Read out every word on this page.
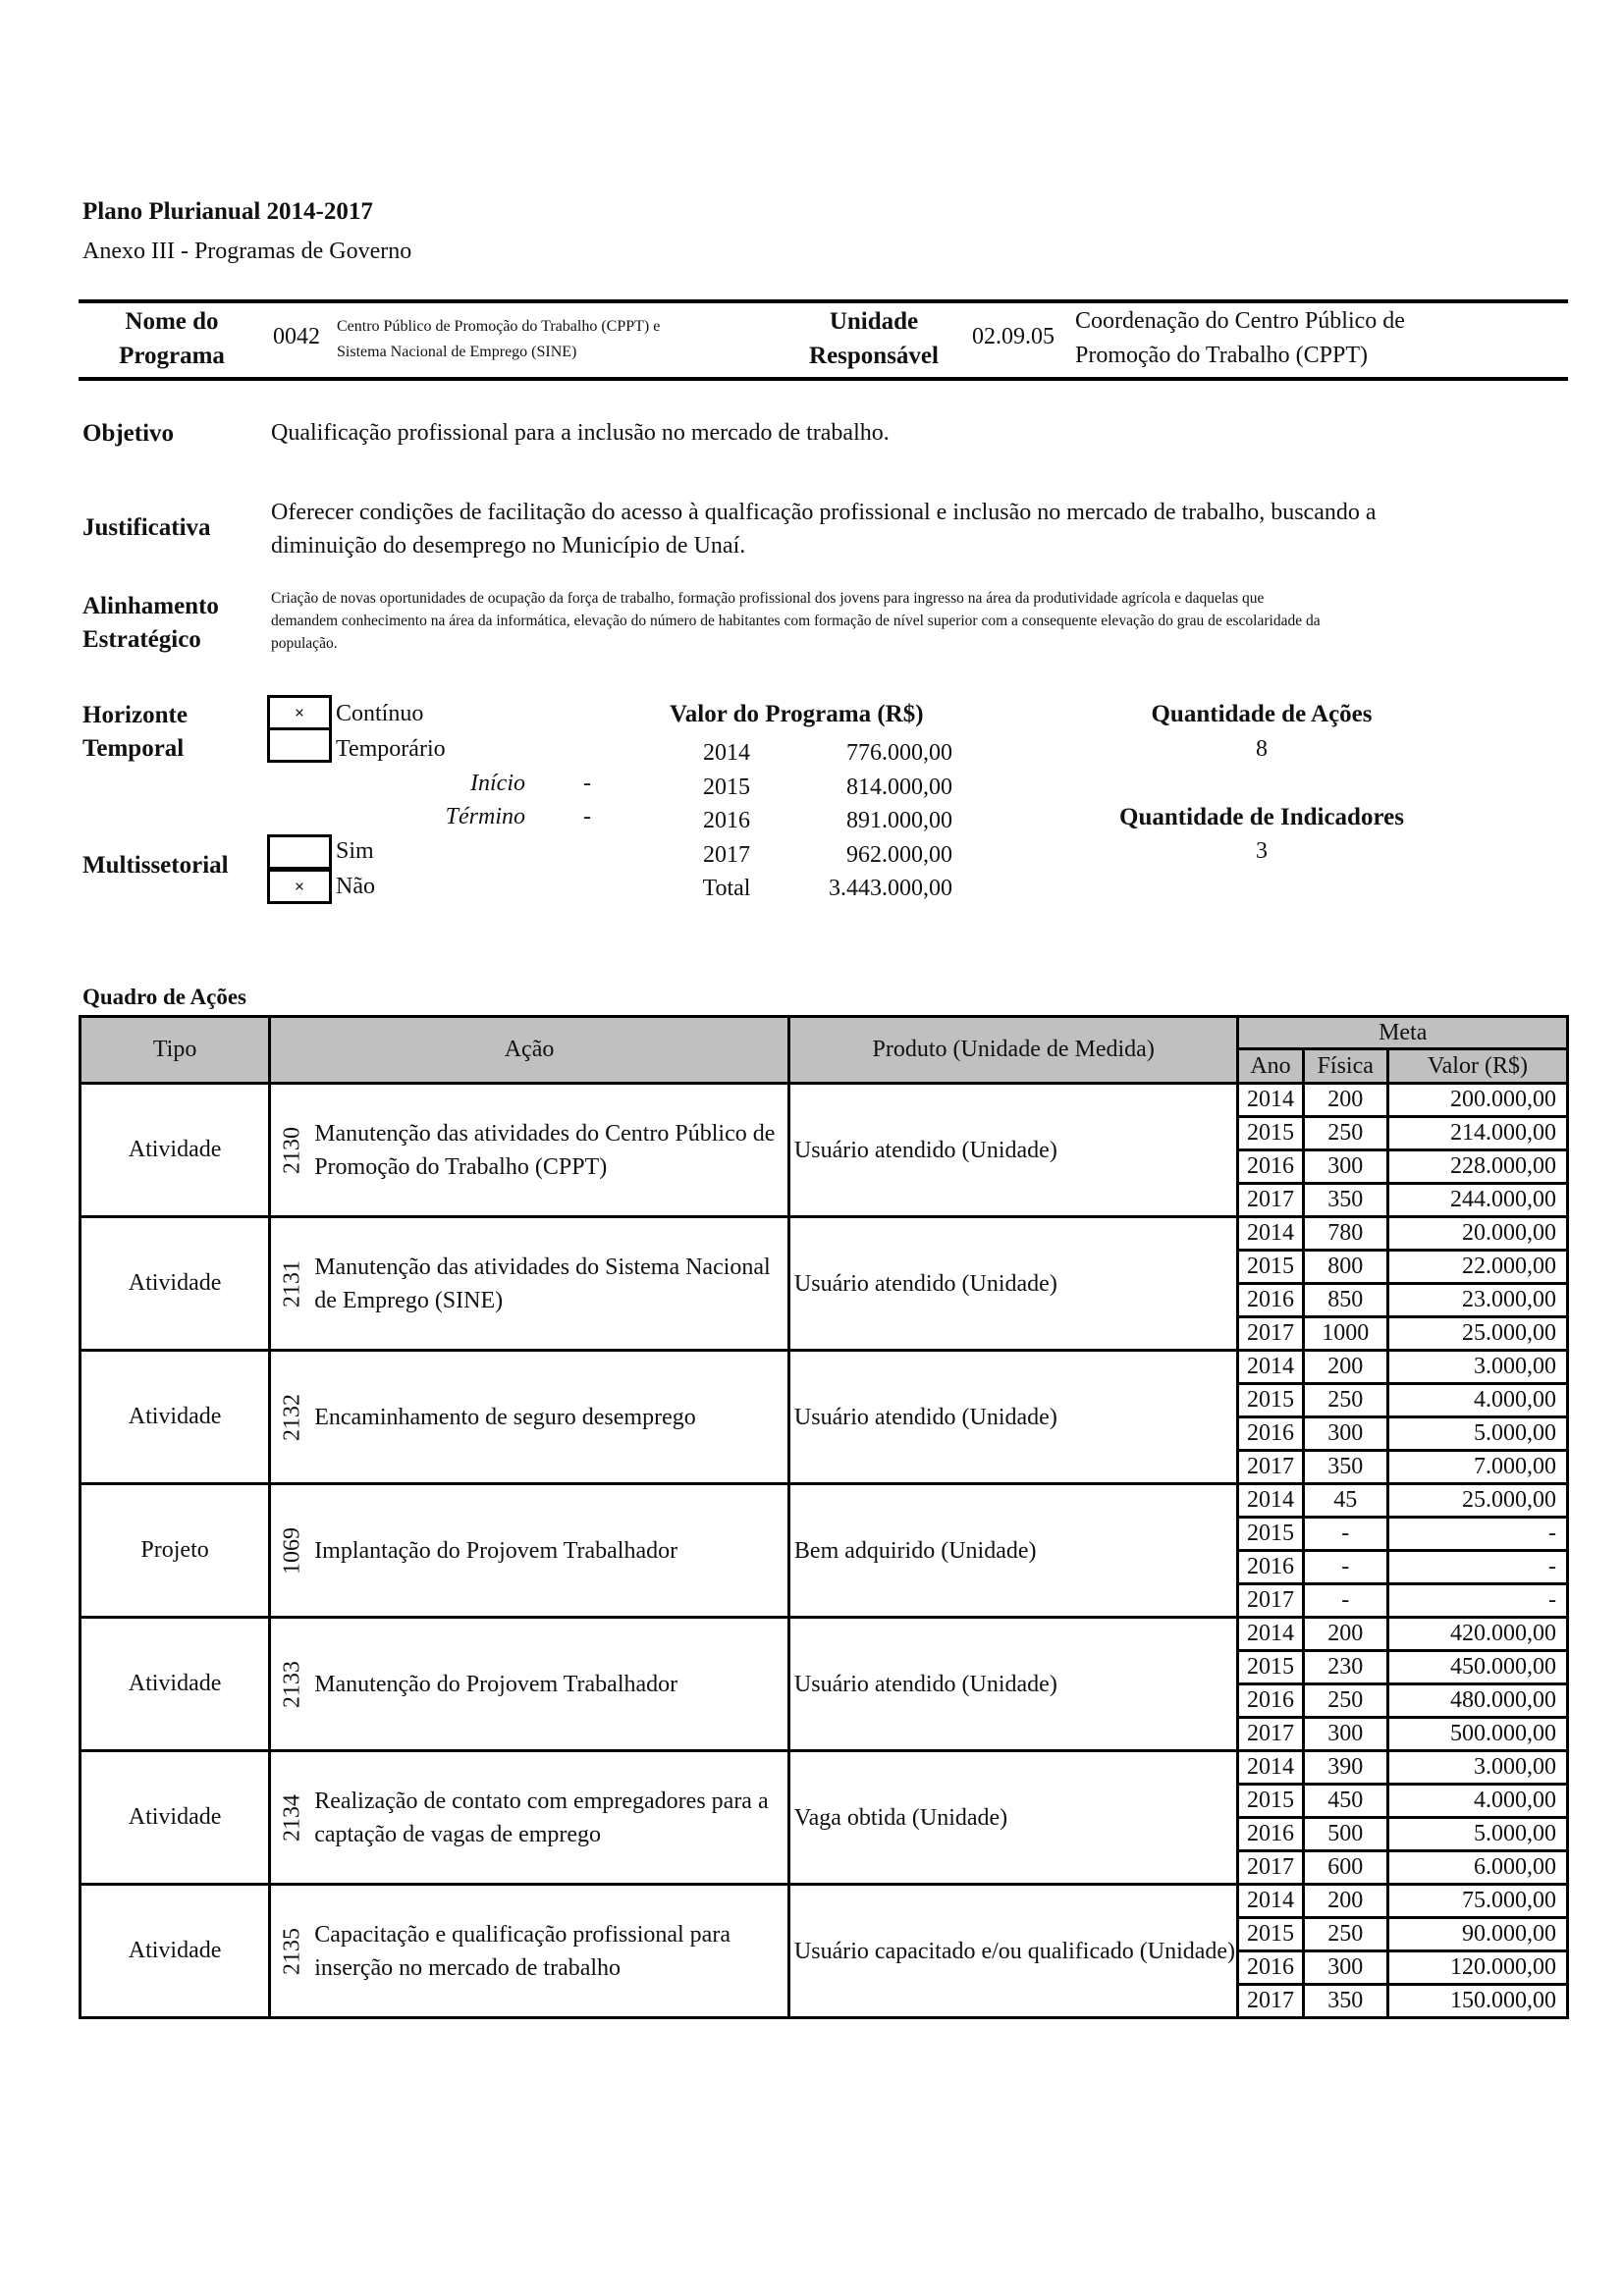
Plano Plurianual 2014-2017
Anexo III - Programas de Governo
Nome do
Programa
0042 Centro Público de Promoção do Trabalho (CPPT) e
Sistema Nacional de Emprego (SINE)
Unidade
Responsável
02.09.05
Coordenação do Centro Público de
Promoção do Trabalho (CPPT)
Objetivo	Qualificação profissional para a inclusão no mercado de trabalho.
Justificativa
Oferecer condições de facilitação do acesso à qualficação profissional e inclusão no mercado de trabalho, buscando a
diminuição do desemprego no Município de Unaí.
Alinhamento
Estratégico
Criação de novas oportunidades de ocupação da força de trabalho, formação profissional dos jovens para ingresso na área da produtividade agrícola e daquelas que
demandem conhecimento na área da informática, elevação do número de habitantes com formação de nível superior com a consequente elevação do grau de escolaridade da
população.
Horizonte
Temporal
× Contínuo
Temporário
Início -
Término -
Multissetorial
×
Sim
Não
Valor do Programa (R$)
2014	776.000,00
2015	814.000,00
2016	891.000,00
2017	962.000,00
Total	3.443.000,00
Quantidade de Ações
8
Quantidade de Indicadores
3
Quadro de Ações
Tipo	Ação	Produto (Unidade de Medida)	Meta		
			Ano	Física	Valor (R$)
Atividade	2130 Manutenção das atividades do Centro Público de Promoção do Trabalho (CPPT)	Usuário atendido (Unidade)	2014	200	200.000,00
			2015	250	214.000,00
			2016	300	228.000,00
			2017	350	244.000,00
Atividade	2131 Manutenção das atividades do Sistema Nacional de Emprego (SINE)	Usuário atendido (Unidade)	2014	780	20.000,00
			2015	800	22.000,00
			2016	850	23.000,00
			2017	1000	25.000,00
Atividade	2132 Encaminhamento de seguro desemprego	Usuário atendido (Unidade)	2014	200	3.000,00
			2015	250	4.000,00
			2016	300	5.000,00
			2017	350	7.000,00
Projeto	1069 Implantação do Projovem Trabalhador	Bem adquirido (Unidade)	2014	45	25.000,00
			2015	-	-
			2016	-	-
			2017	-	-
Atividade	2133 Manutenção do Projovem Trabalhador	Usuário atendido (Unidade)	2014	200	420.000,00
			2015	230	450.000,00
			2016	250	480.000,00
			2017	300	500.000,00
Atividade	2134 Realização de contato com empregadores para a captação de vagas de emprego	Vaga obtida (Unidade)	2014	390	3.000,00
			2015	450	4.000,00
			2016	500	5.000,00
			2017	600	6.000,00
Atividade	2135 Capacitação e qualificação profissional para inserção no mercado de trabalho	Usuário capacitado e/ou qualificado (Unidade)	2014	200	75.000,00
			2015	250	90.000,00
			2016	300	120.000,00
			2017	350	150.000,00
